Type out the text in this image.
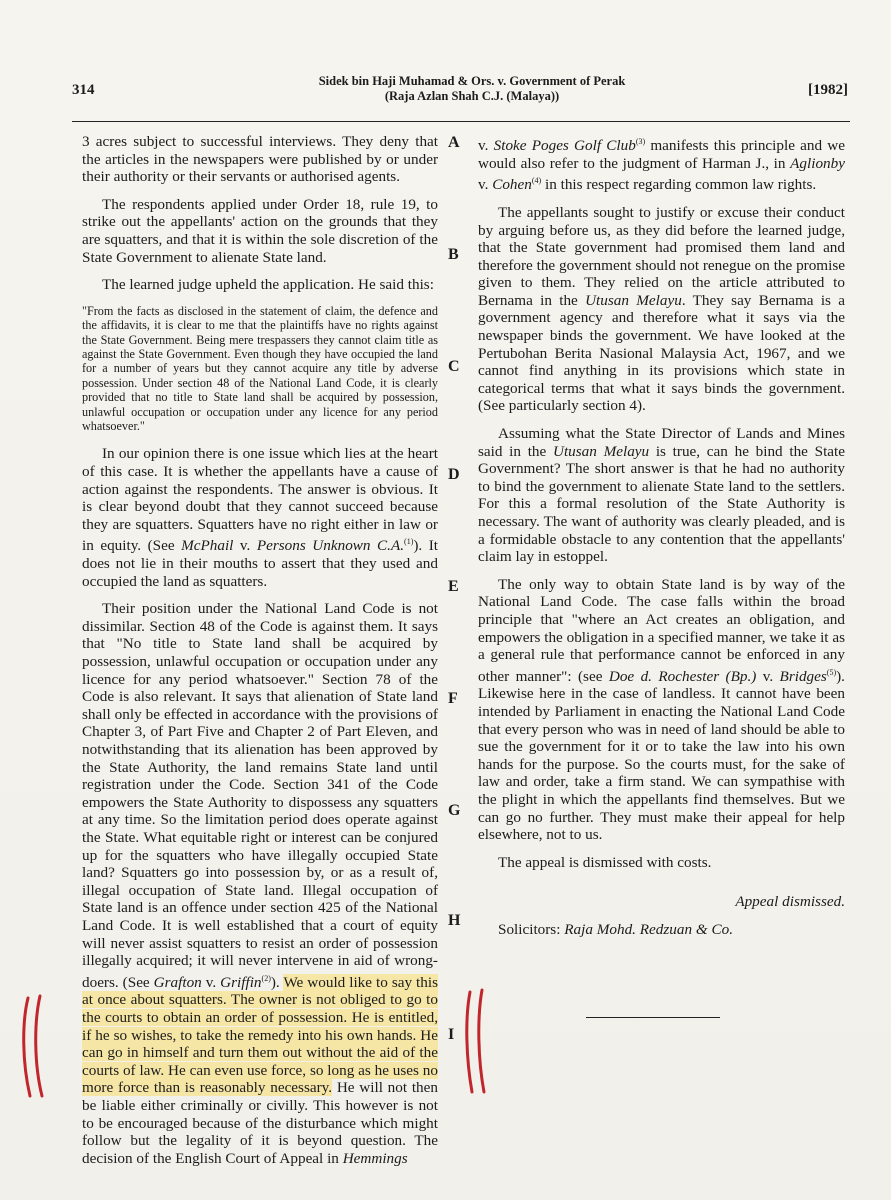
314
Sidek bin Haji Muhamad & Ors. v. Government of Perak
(Raja Azlan Shah C.J. (Malaya))	[1982]
A
B
C
D
E
F
G
H
I

3 acres subject to successful interviews. They deny that the articles in the newspapers were published by or under their authority or their servants or authorised agents.

The respondents applied under Order 18, rule 19, to strike out the appellants' action on the grounds that they are squatters, and that it is within the sole discretion of the State Government to alienate State land.

The learned judge upheld the application. He said this:

"From the facts as disclosed in the statement of claim, the defence and the affidavits, it is clear to me that the plaintiffs have no rights against the State Government. Being mere trespassers they cannot claim title as against the State Government. Even though they have occupied the land for a number of years but they cannot acquire any title by adverse possession. Under section 48 of the National Land Code, it is clearly provided that no title to State land shall be acquired by possession, unlawful occupation or occupation under any licence for any period whatsoever."

In our opinion there is one issue which lies at the heart of this case. It is whether the appellants have a cause of action against the respondents. The answer is obvious. It is clear beyond doubt that they cannot succeed because they are squatters. Squatters have no right either in law or in equity. (See McPhail v. Persons Unknown C.A.$^{(1)}$). It does not lie in their mouths to assert that they used and occupied the land as squatters.

Their position under the National Land Code is not dissimilar. Section 48 of the Code is against them. It says that "No title to State land shall be acquired by possession, unlawful occupation or occupation under any licence for any period whatsoever." Section 78 of the Code is also relevant. It says that alienation of State land shall only be effected in accordance with the provisions of Chapter 3, of Part Five and Chapter 2 of Part Eleven, and notwithstanding that its alienation has been approved by the State Authority, the land remains State land until registration under the Code. Section 341 of the Code empowers the State Authority to dispossess any squatters at any time. So the limitation period does operate against the State. What equitable right or interest can be conjured up for the squatters who have illegally occupied State land? Squatters go into possession by, or as a result of, illegal occupation of State land. Illegal occupation of State land is an offence under section 425 of the National Land Code. It is well established that a court of equity will never assist squatters to resist an order of possession illegally acquired; it will never intervene in aid of wrong-doers. (See Grafton v. Griffin$^{(2)}$). We would like to say this at once about squatters. The owner is not obliged to go to the courts to obtain an order of possession. He is entitled, if he so wishes, to take the remedy into his own hands. He can go in himself and turn them out without the aid of the courts of law. He can even use force, so long as he uses no more force than is reasonably necessary. He will not then be liable either criminally or civilly. This however is not to be encouraged because of the disturbance which might follow but the legality of it is beyond question. The decision of the English Court of Appeal in Hemmings

v. Stoke Poges Golf Club$^{(3)}$ manifests this principle and we would also refer to the judgment of Harman J., in Aglionby v. Cohen$^{(4)}$ in this respect regarding common law rights.

The appellants sought to justify or excuse their conduct by arguing before us, as they did before the learned judge, that the State government had promised them land and therefore the government should not renegue on the promise given to them. They relied on the article attributed to Bernama in the Utusan Melayu. They say Bernama is a government agency and therefore what it says via the newspaper binds the government. We have looked at the Pertubohan Berita Nasional Malaysia Act, 1967, and we cannot find anything in its provisions which state in categorical terms that what it says binds the government. (See particularly section 4).

Assuming what the State Director of Lands and Mines said in the Utusan Melayu is true, can he bind the State Government? The short answer is that he had no authority to bind the government to alienate State land to the settlers. For this a formal resolution of the State Authority is necessary. The want of authority was clearly pleaded, and is a formidable obstacle to any contention that the appellants' claim lay in estoppel.

The only way to obtain State land is by way of the National Land Code. The case falls within the broad principle that "where an Act creates an obligation, and empowers the obligation in a specified manner, we take it as a general rule that performance cannot be enforced in any other manner": (see Doe d. Rochester (Bp.) v. Bridges$^{(5)}$). Likewise here in the case of landless. It cannot have been intended by Parliament in enacting the National Land Code that every person who was in need of land should be able to sue the government for it or to take the law into his own hands for the purpose. So the courts must, for the sake of law and order, take a firm stand. We can sympathise with the plight in which the appellants find themselves. But we can go no further. They must make their appeal for help elsewhere, not to us.

The appeal is dismissed with costs.

Appeal dismissed.

Solicitors: Raja Mohd. Redzuan & Co.
